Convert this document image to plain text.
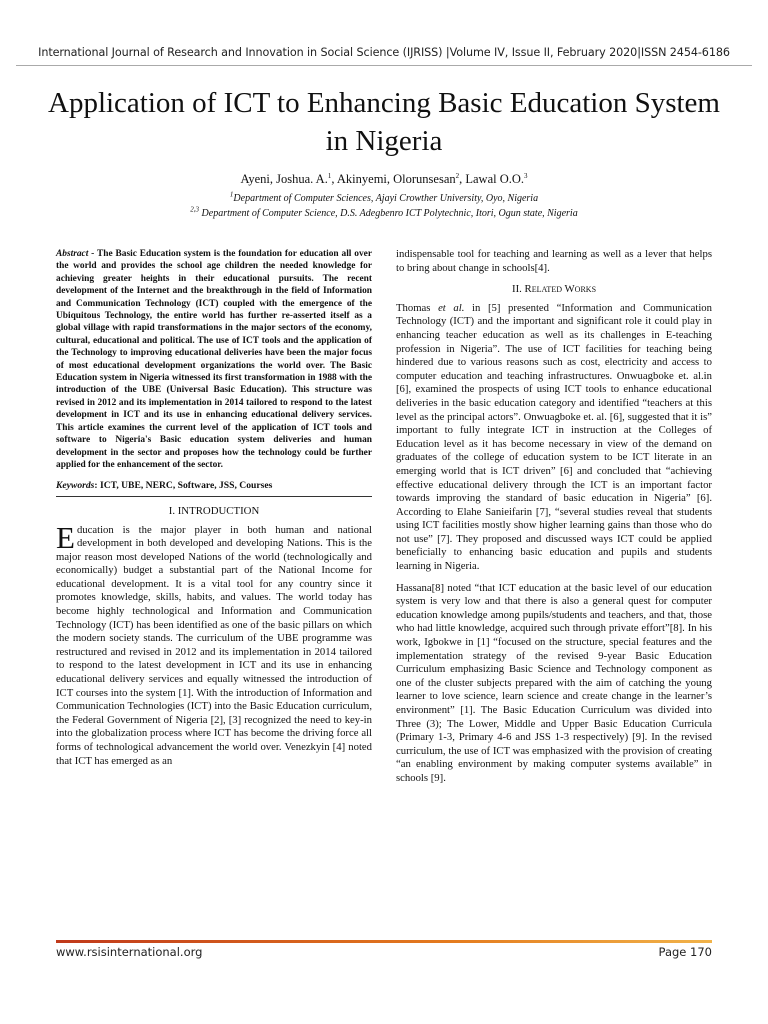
International Journal of Research and Innovation in Social Science (IJRISS) |Volume IV, Issue II, February 2020|ISSN 2454-6186
Application of ICT to Enhancing Basic Education System in Nigeria
Ayeni, Joshua. A.$^1$, Akinyemi, Olorunsesan$^2$, Lawal O.O.$^3$
$^1$Department of Computer Sciences, Ajayi Crowther University, Oyo, Nigeria
$^{2,3}$ Department of Computer Science, D.S. Adegbenro ICT Polytechnic, Itori, Ogun state, Nigeria

Abstract - The Basic Education system is the foundation for education all over the world and provides the school age children the needed knowledge for achieving greater heights in their educational pursuits. The recent development of the Internet and the breakthrough in the field of Information and Communication Technology (ICT) coupled with the emergence of the Ubiquitous Technology, the entire world has further re-asserted itself as a global village with rapid transformations in the major sectors of the economy, cultural, educational and political. The use of ICT tools and the application of the Technology to improving educational deliveries have been the major focus of most educational development organizations the world over. The Basic Education system in Nigeria witnessed its first transformation in 1988 with the introduction of the UBE (Universal Basic Education). This structure was revised in 2012 and its implementation in 2014 tailored to respond to the latest development in ICT and its use in enhancing educational delivery services. This article examines the current level of the application of ICT tools and software to Nigeria's Basic education system deliveries and human development in the sector and proposes how the technology could be further applied for the enhancement of the sector.

Keywords: ICT, UBE, NERC, Software, JSS, Courses

I. INTRODUCTION

Education is the major player in both human and national development in both developed and developing Nations. This is the major reason most developed Nations of the world (technologically and economically) budget a substantial part of the National Income for educational development. It is a vital tool for any country since it promotes knowledge, skills, habits, and values. The world today has become highly technological and Information and Communication Technology (ICT) has been identified as one of the basic pillars on which the modern society stands. The curriculum of the UBE programme was restructured and revised in 2012 and its implementation in 2014 tailored to respond to the latest development in ICT and its use in enhancing educational delivery services and equally witnessed the introduction of ICT courses into the system [1]. With the introduction of Information and Communication Technologies (ICT) into the Basic Education curriculum, the Federal Government of Nigeria [2], [3] recognized the need to key-in into the globalization process where ICT has become the driving force all forms of technological advancement the world over. Venezkyin [4] noted that ICT has emerged as an

indispensable tool for teaching and learning as well as a lever that helps to bring about change in schools[4].

II. Related Works

Thomas et al. in [5] presented “Information and Communication Technology (ICT) and the important and significant role it could play in enhancing teacher education as well as its challenges in E-teaching profession in Nigeria”. The use of ICT facilities for teaching being hindered due to various reasons such as cost, electricity and access to computer education and teaching infrastructures. Onwuagboke et. al.in [6], examined the prospects of using ICT tools to enhance educational deliveries in the basic education category and identified “teachers at this level as the principal actors”. Onwuagboke et. al. [6], suggested that it is” important to fully integrate ICT in instruction at the Colleges of Education level as it has become necessary in view of the demand on graduates of the college of education system to be ICT literate in an emerging world that is ICT driven” [6] and concluded that “achieving effective educational delivery through the ICT is an important factor towards improving the standard of basic education in Nigeria” [6]. According to Elahe Sanieifarin [7], “several studies reveal that students using ICT facilities mostly show higher learning gains than those who do not use” [7]. They proposed and discussed ways ICT could be applied beneficially to enhancing basic education and pupils and students learning in Nigeria.

Hassana[8] noted “that ICT education at the basic level of our education system is very low and that there is also a general quest for computer education knowledge among pupils/students and teachers, and that, those who had little knowledge, acquired such through private effort”[8]. In his work, Igbokwe in [1] “focused on the structure, special features and the implementation strategy of the revised 9-year Basic Education Curriculum emphasizing Basic Science and Technology component as one of the cluster subjects prepared with the aim of catching the young learner to love science, learn science and create change in the learner’s environment” [1]. The Basic Education Curriculum was divided into Three (3); The Lower, Middle and Upper Basic Education Curricula (Primary 1-3, Primary 4-6 and JSS 1-3 respectively) [9]. In the revised curriculum, the use of ICT was emphasized with the provision of creating “an enabling environment by making computer systems available” in schools [9].

www.rsisinternational.org	Page 170
